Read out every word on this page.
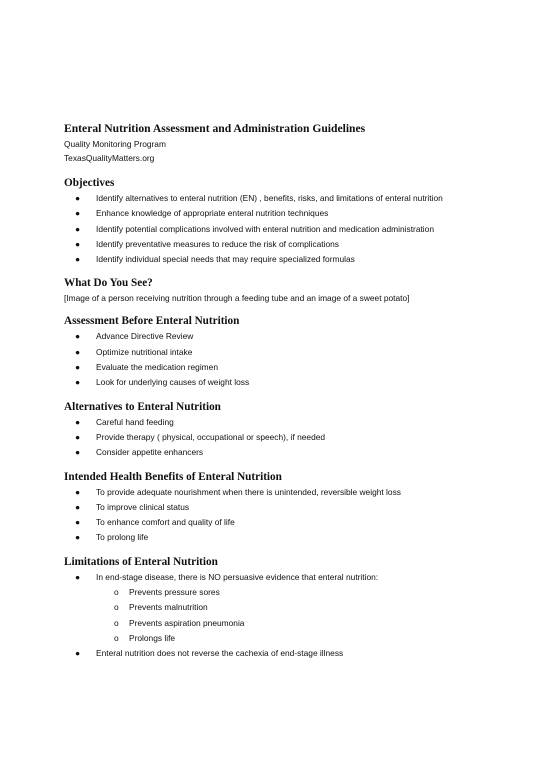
Enteral Nutrition Assessment and Administration Guidelines

Quality Monitoring Program

TexasQualityMatters.org

Objectives
● Identify alternatives to enteral nutrition (EN) , benefits, risks, and limitations of enteral nutrition
● Enhance knowledge of appropriate enteral nutrition techniques
● Identify potential complications involved with enteral nutrition and medication administration
● Identify preventative measures to reduce the risk of complications
● Identify individual special needs that may require specialized formulas
What Do You See?

[Image of a person receiving nutrition through a feeding tube and an image of a sweet potato]

Assessment Before Enteral Nutrition
● Advance Directive Review
● Optimize nutritional intake
● Evaluate the medication regimen
● Look for underlying causes of weight loss
Alternatives to Enteral Nutrition
● Careful hand feeding
● Provide therapy ( physical, occupational or speech), if needed
● Consider appetite enhancers
Intended Health Benefits of Enteral Nutrition
● To provide adequate nourishment when there is unintended, reversible weight loss
● To improve clinical status
● To enhance comfort and quality of life
● To prolong life
Limitations of Enteral Nutrition
● In end-stage disease, there is NO persuasive evidence that enteral nutrition:
o Prevents pressure sores
o Prevents malnutrition
o Prevents aspiration pneumonia
o Prolongs life
● Enteral nutrition does not reverse the cachexia of end-stage illness
